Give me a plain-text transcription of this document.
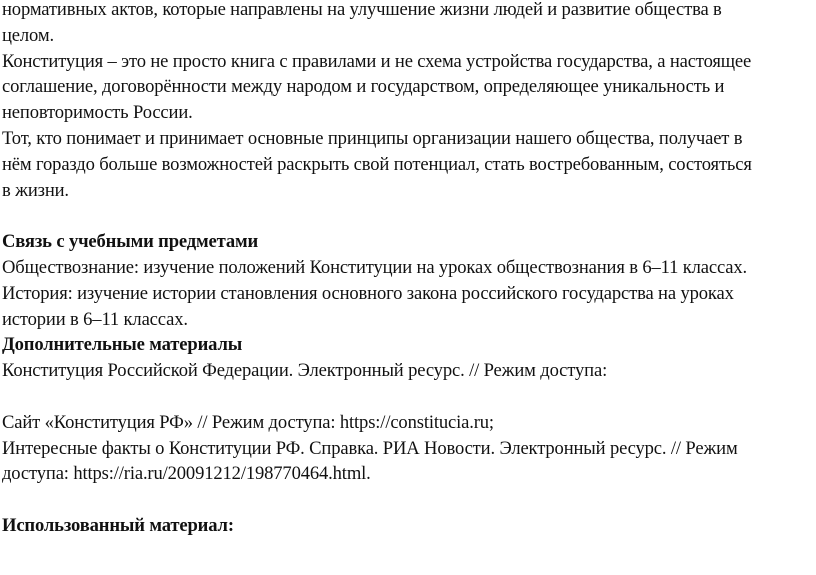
нормативных актов, которые направлены на улучшение жизни людей и развитие общества в
целом.
Конституция – это не просто книга с правилами и не схема устройства государства, а настоящее
соглашение, договорённости между народом и государством, определяющее уникальность и
неповторимость России.
Тот, кто понимает и принимает основные принципы организации нашего общества, получает в
нём гораздо больше возможностей раскрыть свой потенциал, стать востребованным, состояться
в жизни.
Связь с учебными предметами
Обществознание: изучение положений Конституции на уроках обществознания в 6–11 классах.
История: изучение истории становления основного закона российского государства на уроках
истории в 6–11 классах.
Дополнительные материалы
Конституция Российской Федерации. Электронный ресурс. // Режим доступа:
Сайт «Конституция РФ» // Режим доступа: https://constitucia.ru;
Интересные факты о Конституции РФ. Справка. РИА Новости. Электронный ресурс. // Режим
доступа: https://ria.ru/20091212/198770464.html.
Использованный материал:
